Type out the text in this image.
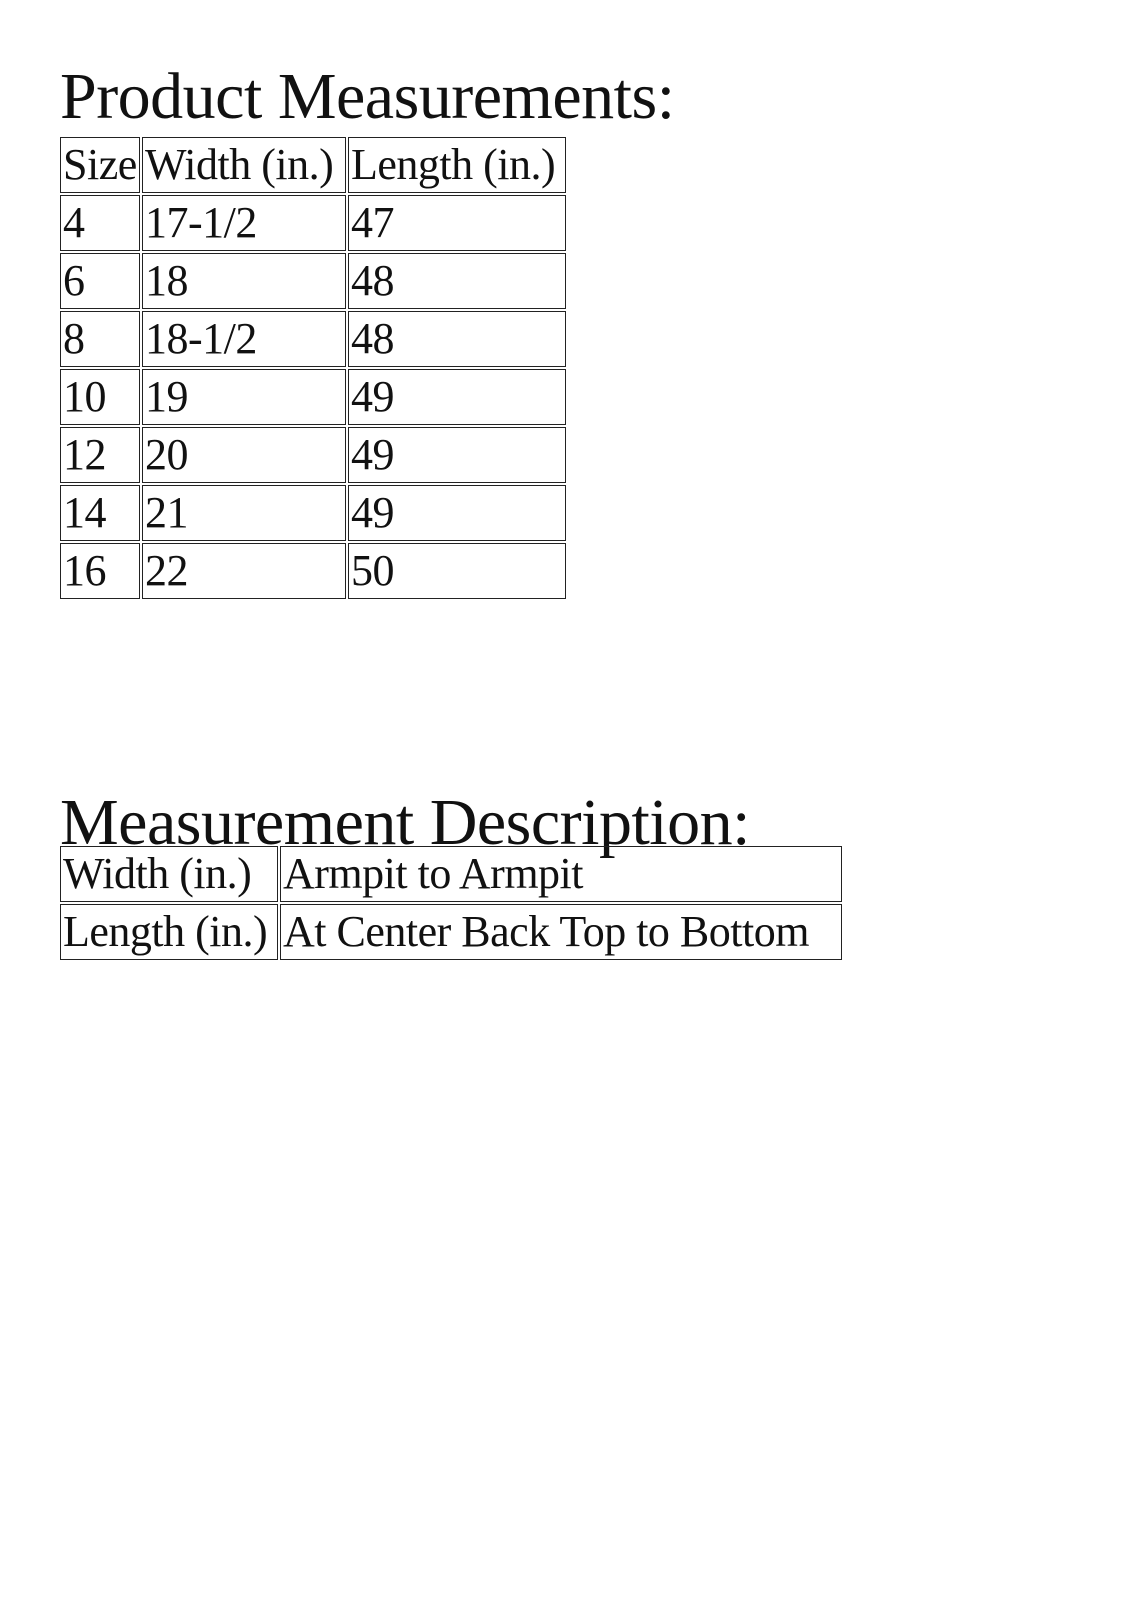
Product Measurements:
Size	Width (in.)	Length (in.)
4	17-1/2	47
6	18	48
8	18-1/2	48
10	19	49
12	20	49
14	21	49
16	22	50
Measurement Description:
Width (in.)	Armpit to Armpit
Length (in.)	At Center Back Top to Bottom
